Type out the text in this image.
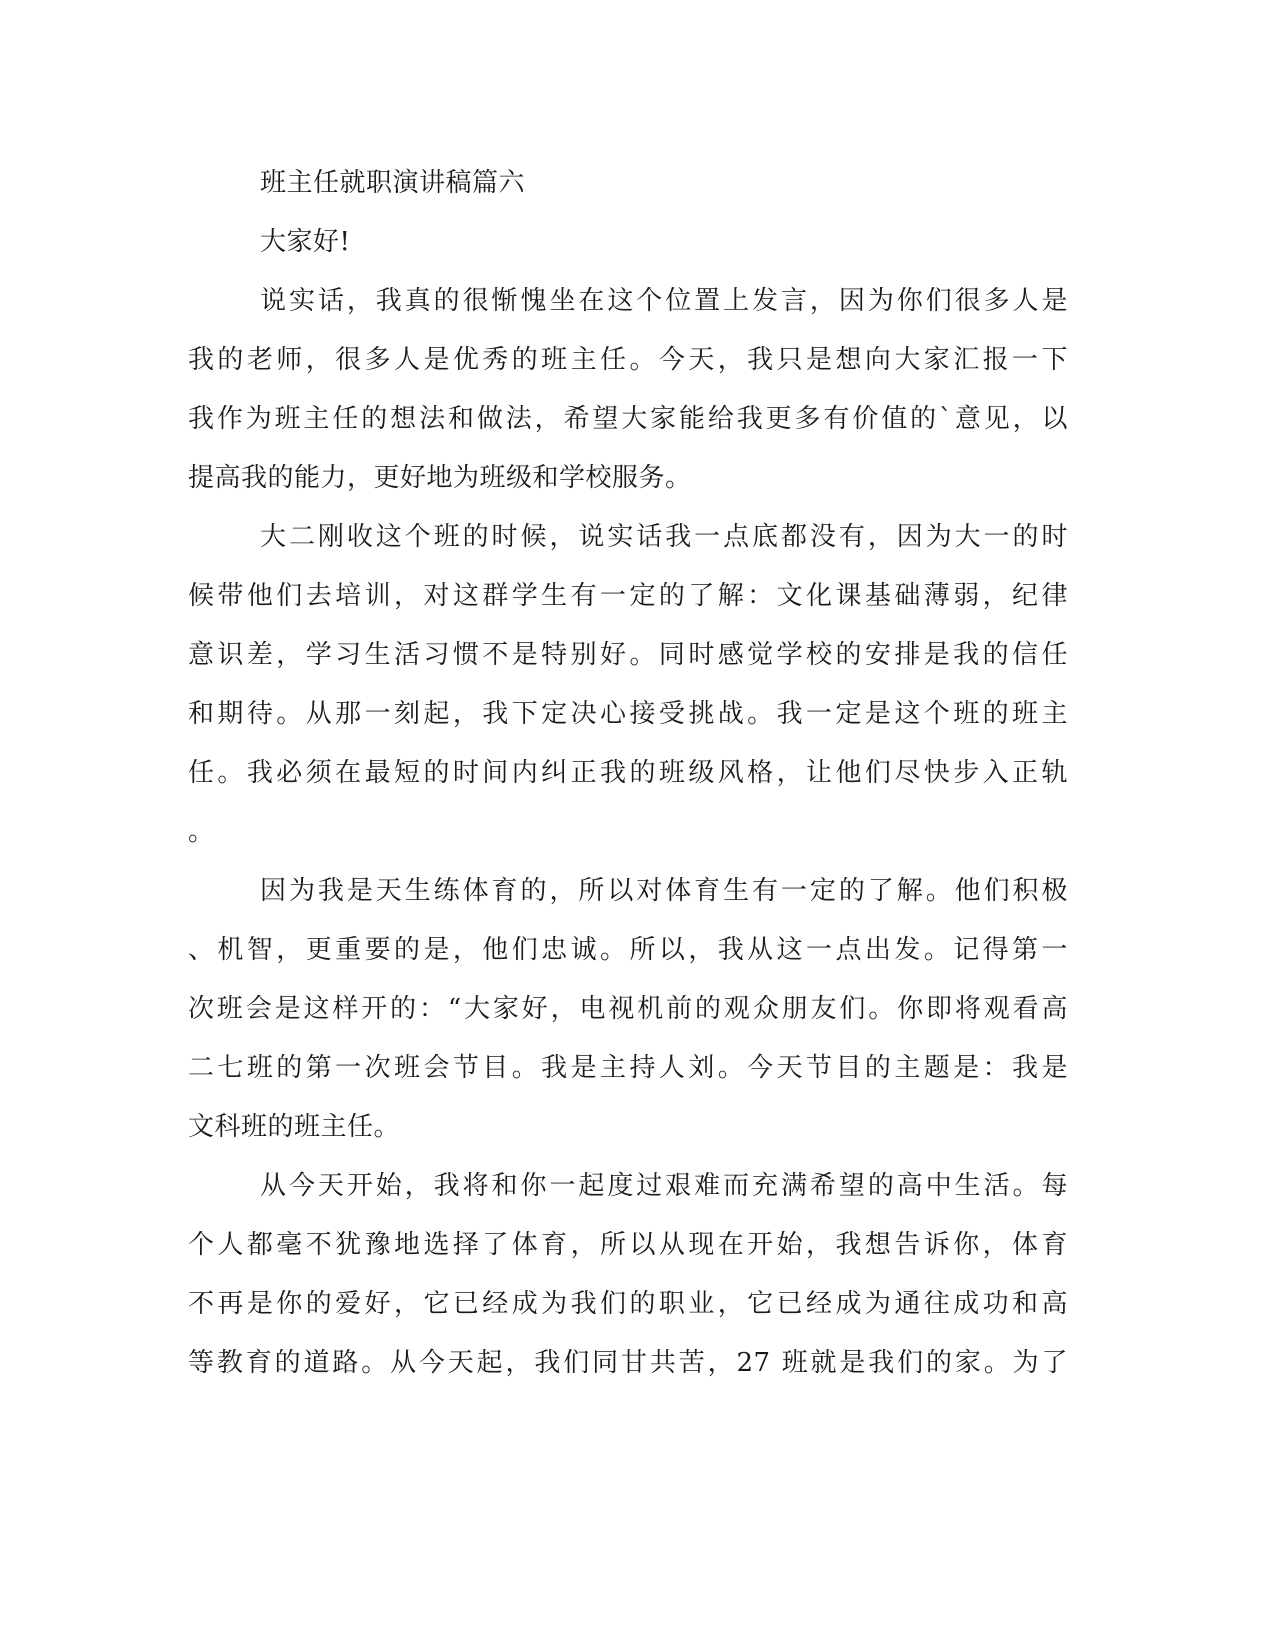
班主任就职演讲稿篇六
大家好!
说实话，我真的很惭愧坐在这个位置上发言，因为你们很多人是
我的老师，很多人是优秀的班主任。今天，我只是想向大家汇报一下
我作为班主任的想法和做法，希望大家能给我更多有价值的`意见，以
提高我的能力，更好地为班级和学校服务。
大二刚收这个班的时候，说实话我一点底都没有，因为大一的时
候带他们去培训，对这群学生有一定的了解：文化课基础薄弱，纪律
意识差，学习生活习惯不是特别好。同时感觉学校的安排是我的信任
和期待。从那一刻起，我下定决心接受挑战。我一定是这个班的班主
任。我必须在最短的时间内纠正我的班级风格，让他们尽快步入正轨
。
因为我是天生练体育的，所以对体育生有一定的了解。他们积极
、机智，更重要的是，他们忠诚。所以，我从这一点出发。记得第一
次班会是这样开的：“大家好，电视机前的观众朋友们。你即将观看高
二七班的第一次班会节目。我是主持人刘。今天节目的主题是：我是
文科班的班主任。
从今天开始，我将和你一起度过艰难而充满希望的高中生活。每
个人都毫不犹豫地选择了体育，所以从现在开始，我想告诉你，体育
不再是你的爱好，它已经成为我们的职业，它已经成为通往成功和高
等教育的道路。从今天起，我们同甘共苦，27 班就是我们的家。为了
